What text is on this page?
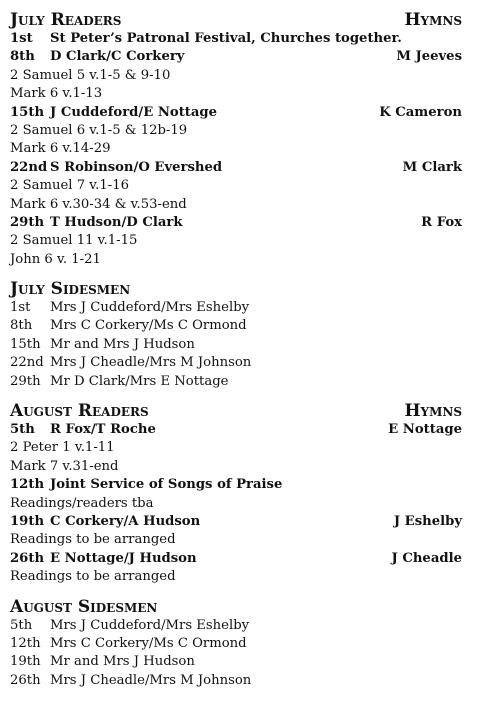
July Readers	Hymns
1st	St Peter’s Patronal Festival, Churches together.
8th	D Clark/C Corkery	M Jeeves
2 Samuel 5 v.1-5 & 9-10
Mark 6 v.1-13
15th J Cuddeford/E Nottage	K Cameron
2 Samuel 6 v.1-5 & 12b-19
Mark 6 v.14-29
22nd S Robinson/O Evershed	M Clark
2 Samuel 7 v.1-16
Mark 6 v.30-34 & v.53-end
29th T Hudson/D Clark	R Fox
2 Samuel 11 v.1-15
John 6 v. 1-21
July Sidesmen
1st	Mrs J Cuddeford/Mrs Eshelby
8th	Mrs C Corkery/Ms C Ormond
15th Mr and Mrs J Hudson
22nd Mrs J Cheadle/Mrs M Johnson
29th Mr D Clark/Mrs E Nottage
August Readers	Hymns
5th	R Fox/T Roche	E Nottage
2 Peter 1 v.1-11
Mark 7 v.31-end
12th Joint Service of Songs of Praise
Readings/readers tba
19th C Corkery/A Hudson	J Eshelby
Readings to be arranged
26th E Nottage/J Hudson	J Cheadle
Readings to be arranged
August Sidesmen
5th	Mrs J Cuddeford/Mrs Eshelby
12th Mrs C Corkery/Ms C Ormond
19th Mr and Mrs J Hudson
26th Mrs J Cheadle/Mrs M Johnson
